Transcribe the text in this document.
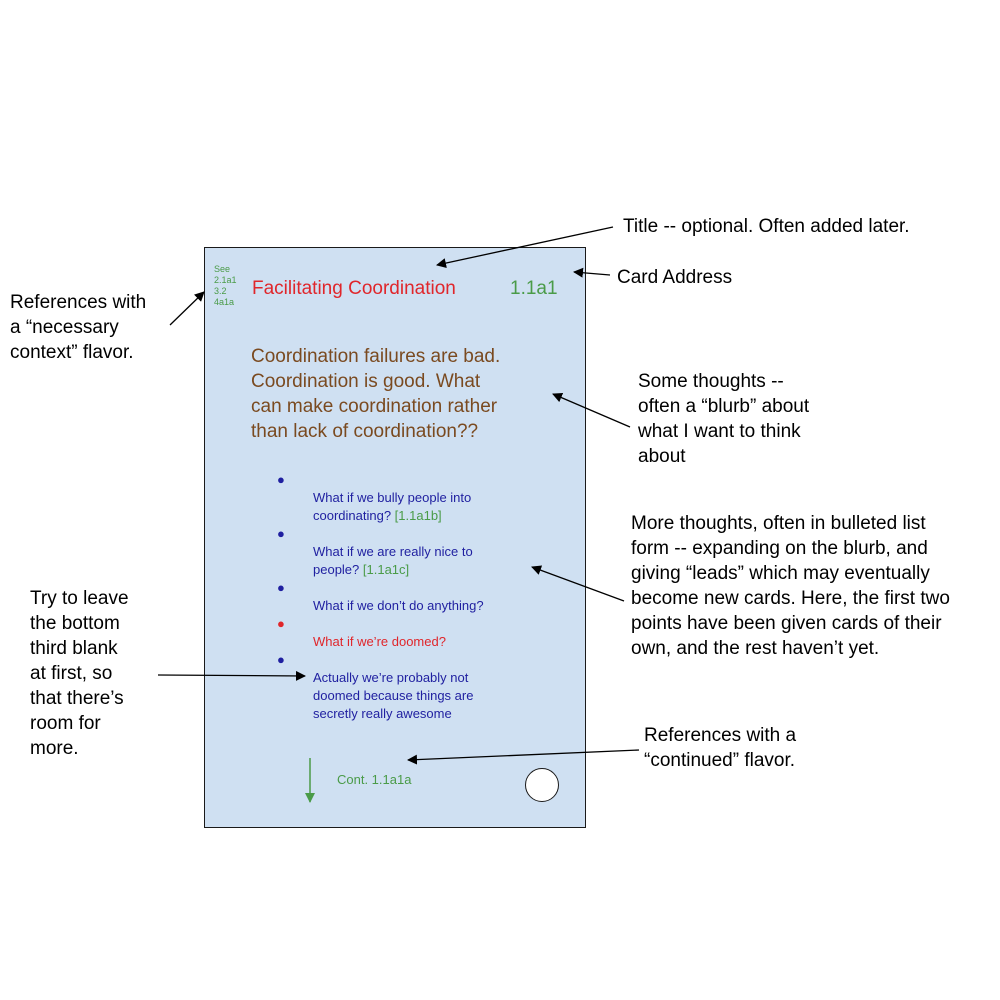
See
2.1a1
3.2
4a1a
Facilitating Coordination	1.1a1
Coordination failures are bad.
Coordination is good. What
can make coordination rather
than lack of coordination??

●
What if we bully people into
coordinating? [1.1a1b]

●
What if we are really nice to
people? [1.1a1c]

●
What if we don’t do anything?

●
What if we’re doomed?

●
Actually we’re probably not
doomed because things are
secretly really awesome

Cont. 1.1a1a
Title -- optional. Often added later.
Card Address
References with
a “necessary
context” flavor.
Some thoughts --
often a “blurb” about
what I want to think
about
More thoughts, often in bulleted list
form -- expanding on the blurb, and
giving “leads” which may eventually
become new cards. Here, the first two
points have been given cards of their
own, and the rest haven’t yet.
Try to leave
the bottom
third blank
at first, so
that there’s
room for
more.
References with a
“continued” flavor.
